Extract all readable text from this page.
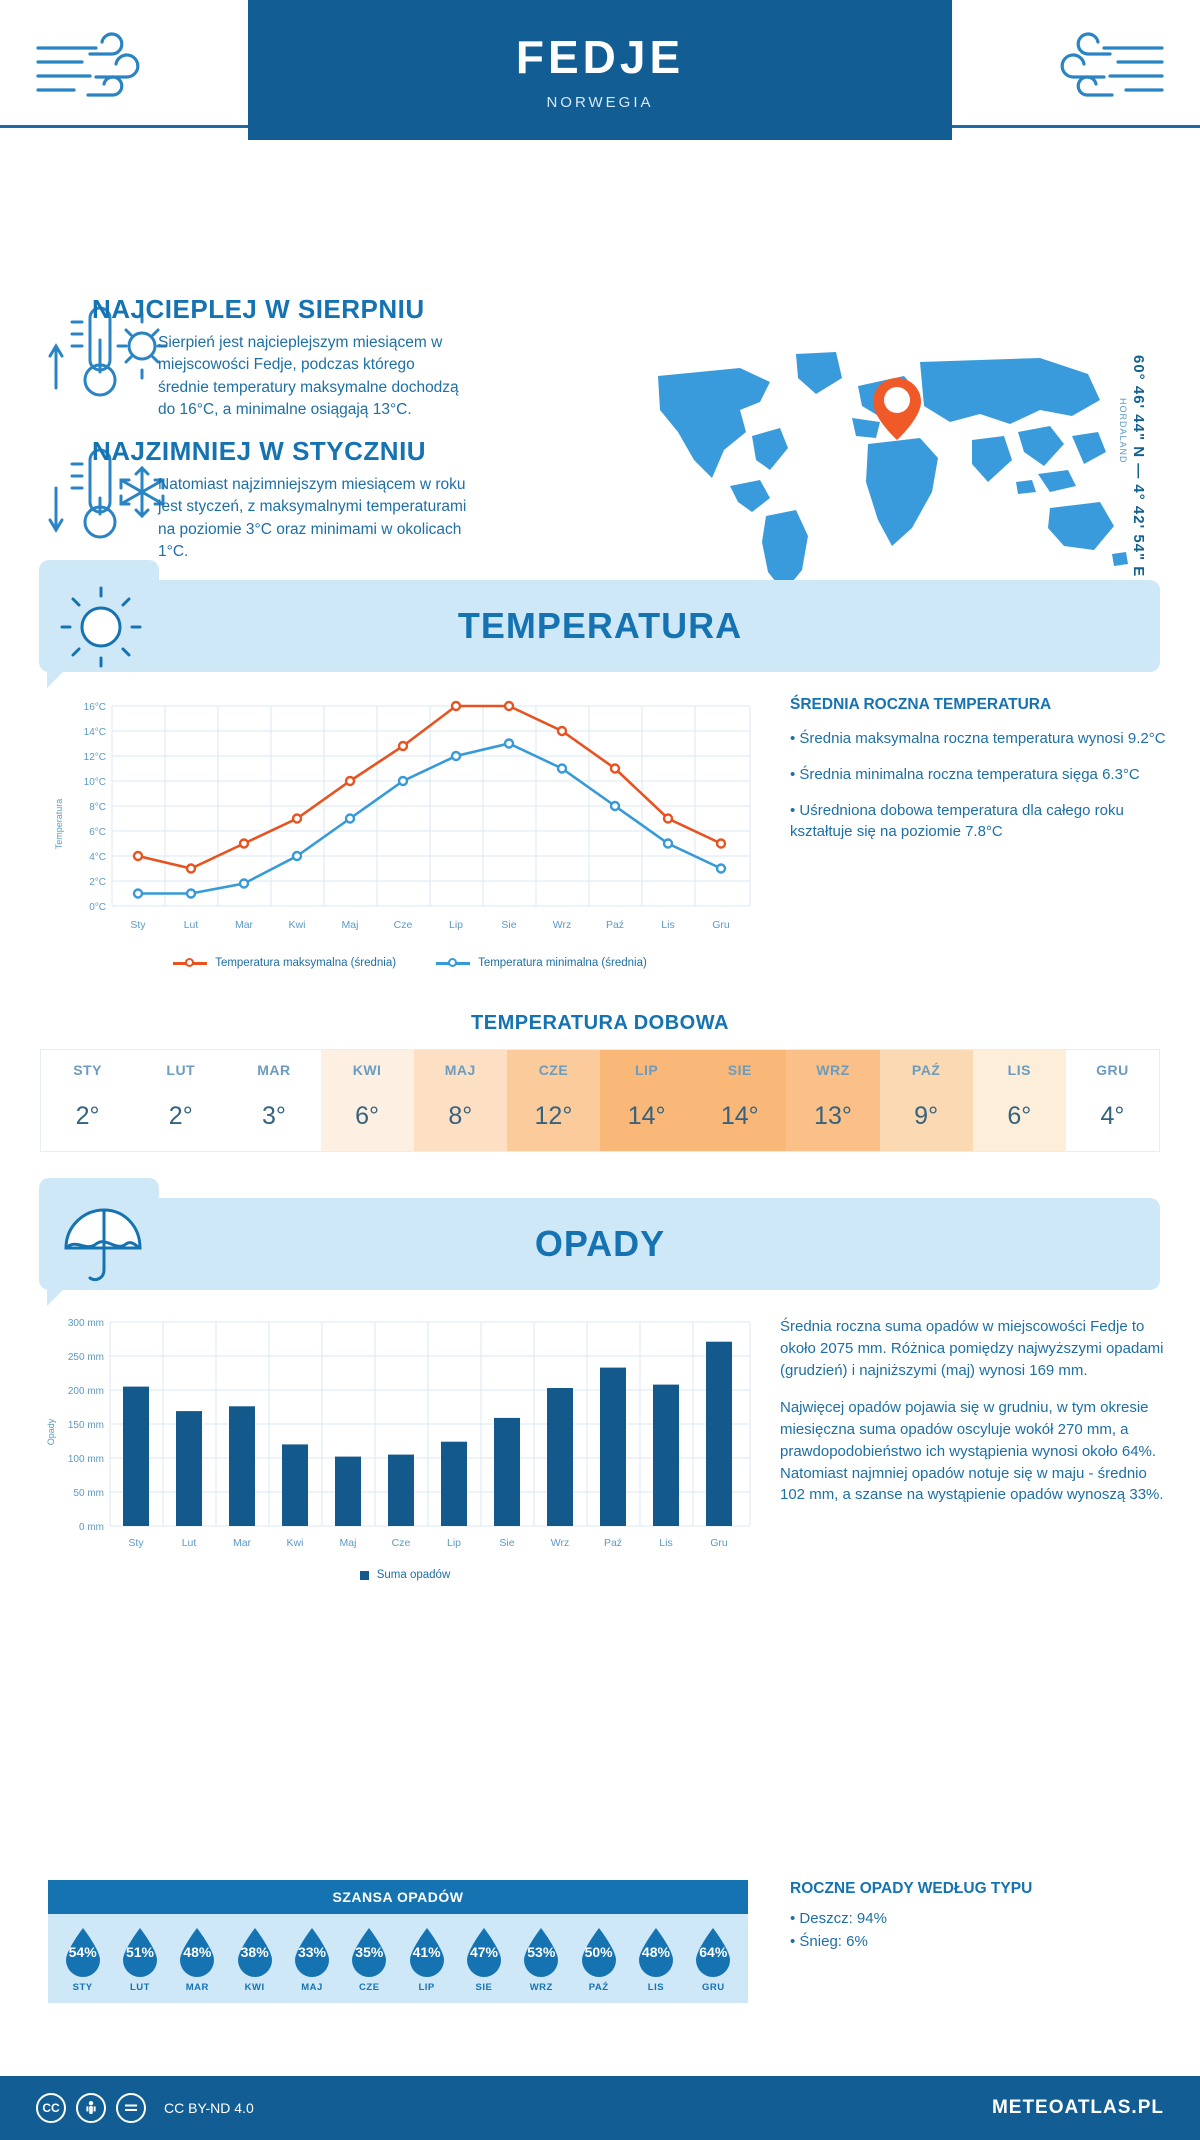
FEDJE
NORWEGIA
NAJCIEPLEJ W SIERPNIU

Sierpień jest najcieplejszym miesiącem w miejscowości Fedje, podczas którego średnie temperatury maksymalne dochodzą do 16°C, a minimalne osiągają 13°C.

NAJZIMNIEJ W STYCZNIU

Natomiast najzimniejszym miesiącem w roku jest styczeń, z maksymalnymi temperaturami na poziomie 3°C oraz minimami w okolicach 1°C.	60° 46' 44" N — 4° 42' 54" E
HORDALAND
TEMPERATURA
Temperatura
16°C
14°C
12°C
10°C
8°C
6°C
4°C
2°C
0°C
Sty	Lut	Mar	Kwi	Maj	Cze	Lip	Sie	Wrz	Paź	Lis	Gru
Temperatura maksymalna (średnia)	Temperatura minimalna (średnia)
ŚREDNIA ROCZNA TEMPERATURA

• Średnia maksymalna roczna temperatura wynosi 9.2°C

• Średnia minimalna roczna temperatura sięga 6.3°C

• Uśredniona dobowa temperatura dla całego roku kształtuje się na poziomie 7.8°C

TEMPERATURA DOBOWA
STY
2°
LUT
2°
MAR
3°
KWI
6°
MAJ
8°
CZE
12°
LIP
14°
SIE
14°
WRZ
13°
PAŹ
9°
LIS
6°
GRU
4°
OPADY
Opady
300 mm
250 mm
200 mm
150 mm
100 mm
50 mm
0 mm
Sty	Lut	Mar	Kwi	Maj	Cze	Lip	Sie	Wrz	Paź	Lis	Gru
Suma opadów

Średnia roczna suma opadów w miejscowości Fedje to około 2075 mm. Różnica pomiędzy najwyższymi opadami (grudzień) i najniższymi (maj) wynosi 169 mm.

Najwięcej opadów pojawia się w grudniu, w tym okresie miesięczna suma opadów oscyluje wokół 270 mm, a prawdopodobieństwo ich wystąpienia wynosi około 64%. Natomiast najmniej opadów notuje się w maju - średnio 102 mm, a szanse na wystąpienie opadów wynoszą 33%.

SZANSA OPADÓW
54%
STY
51%
LUT
48%
MAR
38%
KWI
33%
MAJ
35%
CZE
41%
LIP
47%
SIE
53%
WRZ
50%
PAŹ
48%
LIS
64%
GRU
ROCZNE OPADY WEDŁUG TYPU

• Deszcz: 94%

• Śnieg: 6%

CC	CC BY-ND 4.0	METEOATLAS.PL
